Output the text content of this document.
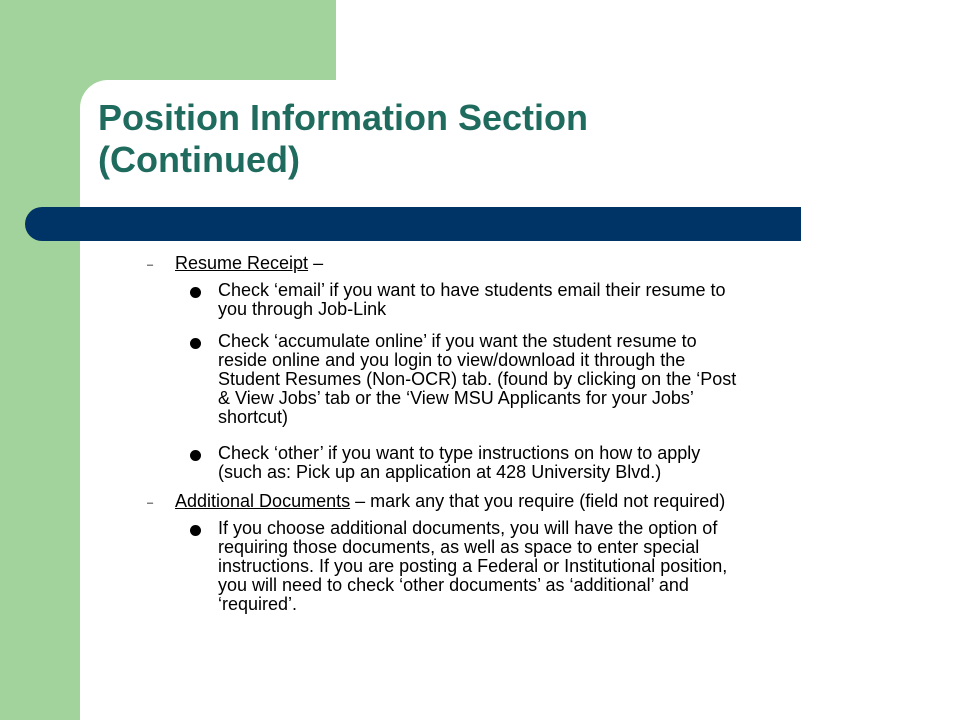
Position Information Section
(Continued)
– Resume Receipt –
Check ‘email’ if you want to have students email their resume to
you through Job-Link
Check ‘accumulate online’ if you want the student resume to
reside online and you login to view/download it through the
Student Resumes (Non-OCR) tab. (found by clicking on the ‘Post
& View Jobs’ tab or the ‘View MSU Applicants for your Jobs’
shortcut)
Check ‘other’ if you want to type instructions on how to apply
(such as: Pick up an application at 428 University Blvd.)
– Additional Documents – mark any that you require (field not required)
If you choose additional documents, you will have the option of
requiring those documents, as well as space to enter special
instructions. If you are posting a Federal or Institutional position,
you will need to check ‘other documents’ as ‘additional’ and
‘required’.
